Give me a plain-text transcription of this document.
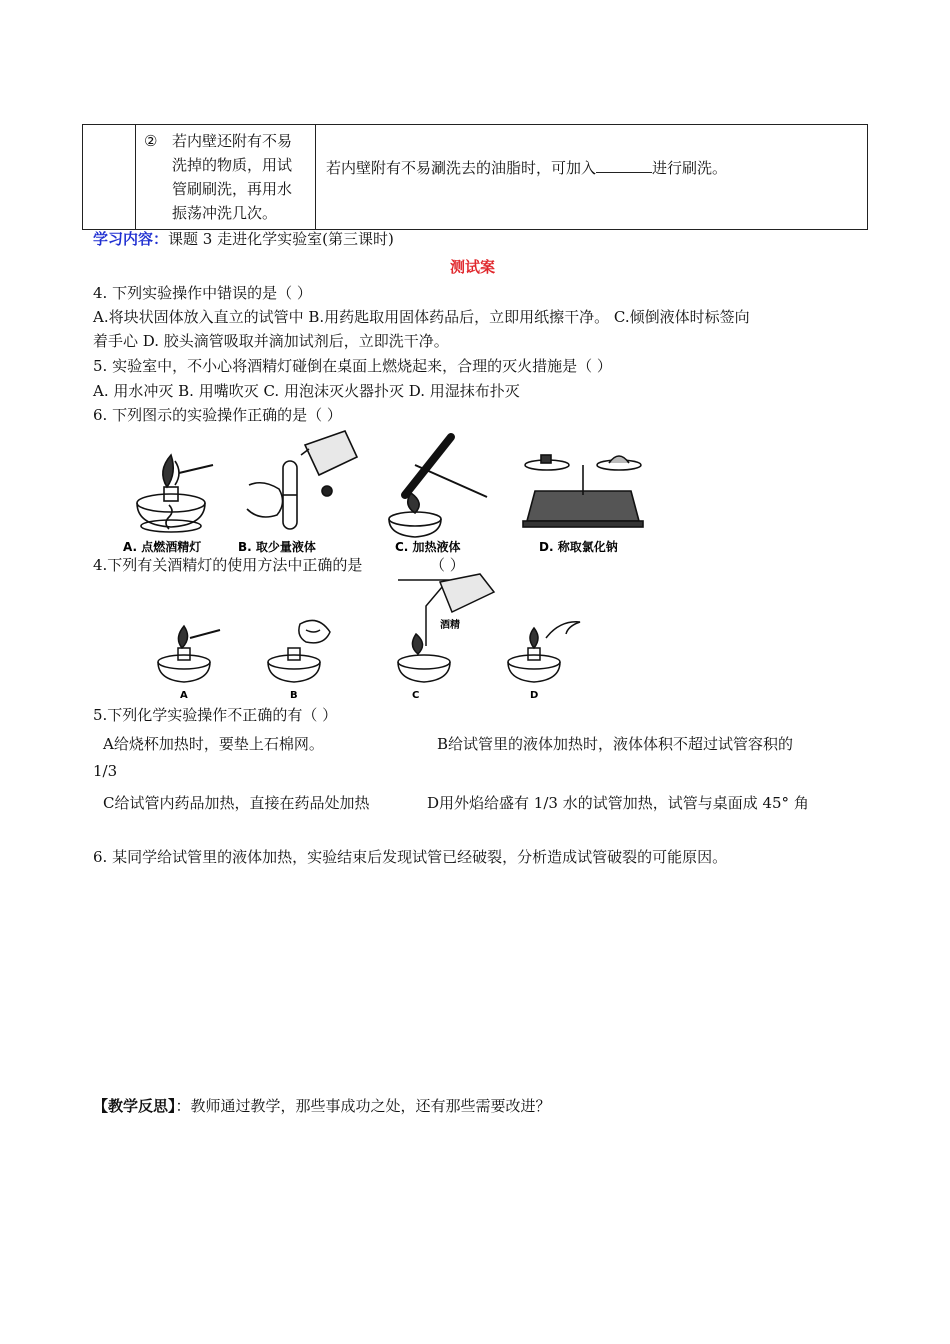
② 若内壁还附有不易
洗掉的物质，用试
管刷刷洗，再用水
振荡冲洗几次。

若内壁附有不易涮洗去的油脂时，可加入	进行刷洗。
学习内容：课题 3 走进化学实验室(第三课时)
测试案
4. 下列实验操作中错误的是（ ）
A.将块状固体放入直立的试管中 B.用药匙取用固体药品后，立即用纸擦干净。 C.倾倒液体时标签向
着手心 D. 胶头滴管吸取并滴加试剂后，立即洗干净。
5. 实验室中，不小心将酒精灯碰倒在桌面上燃烧起来，合理的灭火措施是（ ）
A. 用水冲灭 B. 用嘴吹灭 C. 用泡沫灭火器扑灭 D. 用湿抹布扑灭
6. 下列图示的实验操作正确的是（ ）
A. 点燃酒精灯	B. 取少量液体	C. 加热液体	D. 称取氯化钠
4.下列有关酒精灯的使用方法中正确的是	（ ）
酒精
A	B	C	D
5.下列化学实验操作不正确的有（ ）
A给烧杯加热时，要垫上石棉网。	B给试管里的液体加热时，液体体积不超过试管容积的
1/3
C给试管内药品加热，直接在药品处加热	D用外焰给盛有 1/3 水的试管加热，试管与桌面成 45° 角
6. 某同学给试管里的液体加热，实验结束后发现试管已经破裂，分析造成试管破裂的可能原因。
【教学反思】：教师通过教学，那些事成功之处，还有那些需要改进？
